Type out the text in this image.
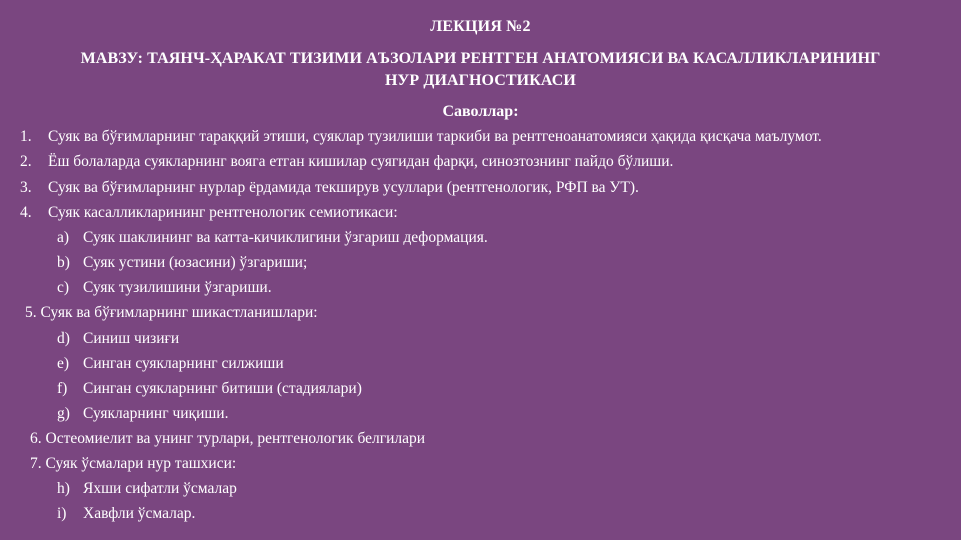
ЛЕКЦИЯ №2
МАВЗУ: ТАЯНЧ-ҲАРАКАТ ТИЗИМИ АЪЗОЛАРИ РЕНТГЕН АНАТОМИЯСИ ВА КАСАЛЛИКЛАРИНИНГ
НУР ДИАГНОСТИКАСИ
Саволлар:
1. Суяк ва бўғимларнинг тараққий этиши, суяклар тузилиши таркиби ва рентгеноанатомияси ҳақида қисқача маълумот.
2. Ёш болаларда суякларнинг вояга етган кишилар суягидан фарқи, синозтознинг пайдо бўлиши.
3. Суяк ва бўғимларнинг нурлар ёрдамида текширув усуллари (рентгенологик, РФП ва УТ).
4. Суяк касалликларининг рентгенологик семиотикаси:
a) Суяк шаклининг ва катта-кичиклигини ўзгариш деформация.
b) Суяк устини (юзасини) ўзгариши;
c) Суяк тузилишини ўзгариши.
5. Суяк ва бўғимларнинг шикастланишлари:
d) Синиш чизиғи
e) Синган суякларнинг силжиши
f) Синган суякларнинг битиши (стадиялари)
g) Суякларнинг чиқиши.
6. Остеомиелит ва унинг турлари, рентгенологик белгилари
7. Суяк ўсмалари нур ташхиси:
h) Яхши сифатли ўсмалар
i) Хавфли ўсмалар.
